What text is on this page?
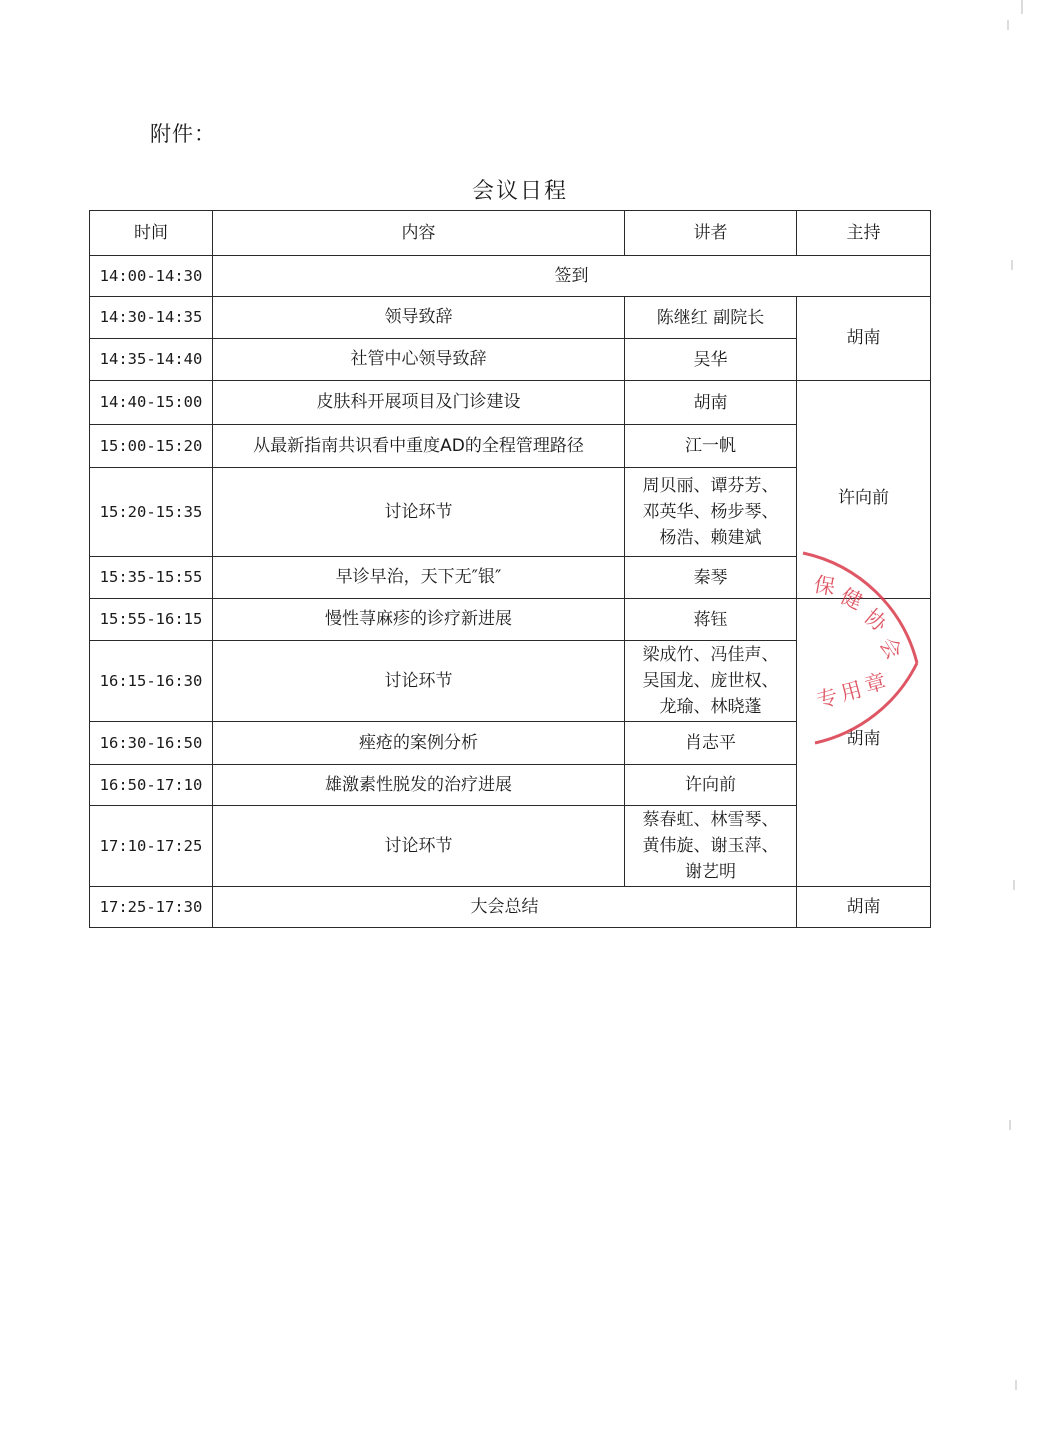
附件：
会议日程
时间	内容	讲者	主持
14:00-14:30	签到		
14:30-14:35	领导致辞	陈继红 副院长	胡南
14:35-14:40	社管中心领导致辞	吴华	

14:40-15:00	皮肤科开展项目及门诊建设	胡南	许向前
15:00-15:20	从最新指南共识看中重度AD的全程管理路径	江一帆	

15:20-15:35	讨论环节	周贝丽、谭芬芳、
邓英华、杨步琴、
杨浩、赖建斌	

15:35-15:55	早诊早治，天下无″银″	秦琴	

15:55-16:15	慢性荨麻疹的诊疗新进展	蒋钰	胡南
16:15-16:30	讨论环节	梁成竹、冯佳声、
吴国龙、庞世权、
龙瑜、林晓蓬	

16:30-16:50	痤疮的案例分析	肖志平	

16:50-17:10	雄激素性脱发的治疗进展	许向前	

17:10-17:25	讨论环节	蔡春虹、林雪琴、
黄伟旋、谢玉萍、
谢艺明	

17:25-17:30	大会总结		胡南
保 健
协
会
专
用
章
